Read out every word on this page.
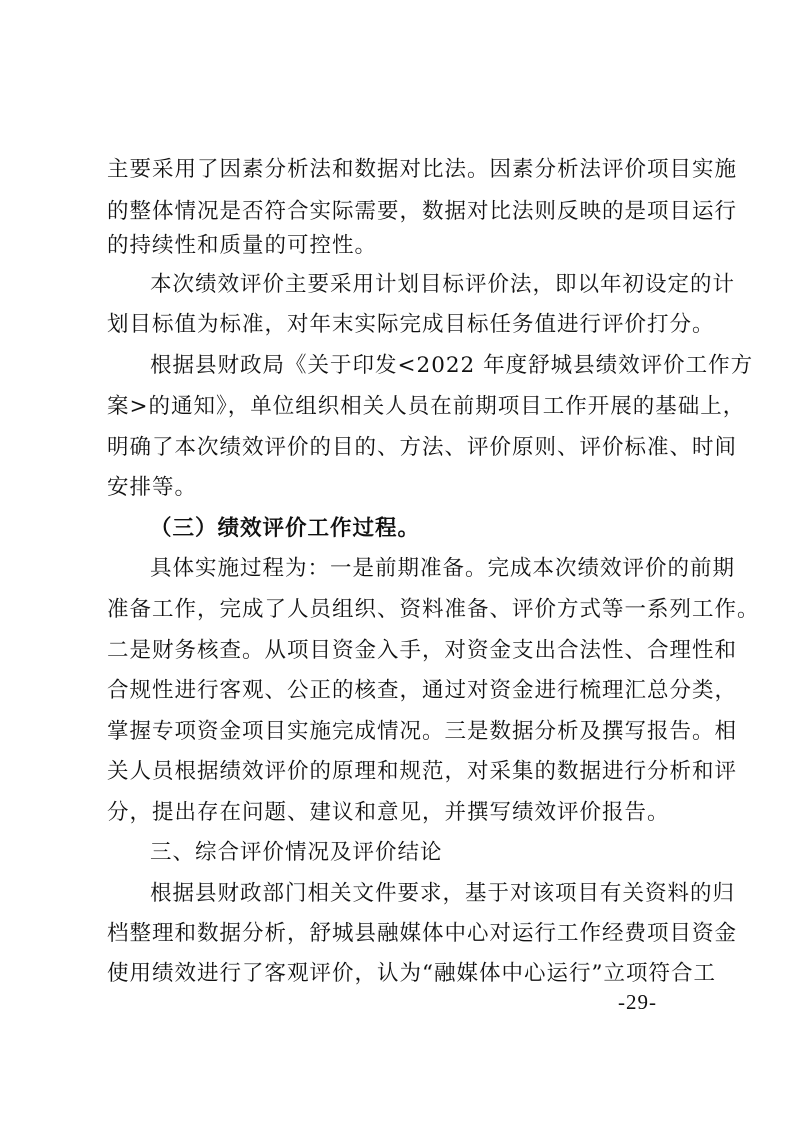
主要采用了因素分析法和数据对比法。因素分析法评价项目实施
的整体情况是否符合实际需要，数据对比法则反映的是项目运行
的持续性和质量的可控性。
本次绩效评价主要采用计划目标评价法，即以年初设定的计
划目标值为标准，对年末实际完成目标任务值进行评价打分。
根据县财政局《关于印发<2022 年度舒城县绩效评价工作方
案>的通知》，单位组织相关人员在前期项目工作开展的基础上，
明确了本次绩效评价的目的、方法、评价原则、评价标准、时间
安排等。
（三）绩效评价工作过程。
具体实施过程为：一是前期准备。完成本次绩效评价的前期
准备工作，完成了人员组织、资料准备、评价方式等一系列工作。
二是财务核查。从项目资金入手，对资金支出合法性、合理性和
合规性进行客观、公正的核查，通过对资金进行梳理汇总分类，
掌握专项资金项目实施完成情况。三是数据分析及撰写报告。相
关人员根据绩效评价的原理和规范，对采集的数据进行分析和评
分，提出存在问题、建议和意见，并撰写绩效评价报告。
三、综合评价情况及评价结论
根据县财政部门相关文件要求，基于对该项目有关资料的归
档整理和数据分析，舒城县融媒体中心对运行工作经费项目资金
使用绩效进行了客观评价，认为“融媒体中心运行”立项符合工
-29-
